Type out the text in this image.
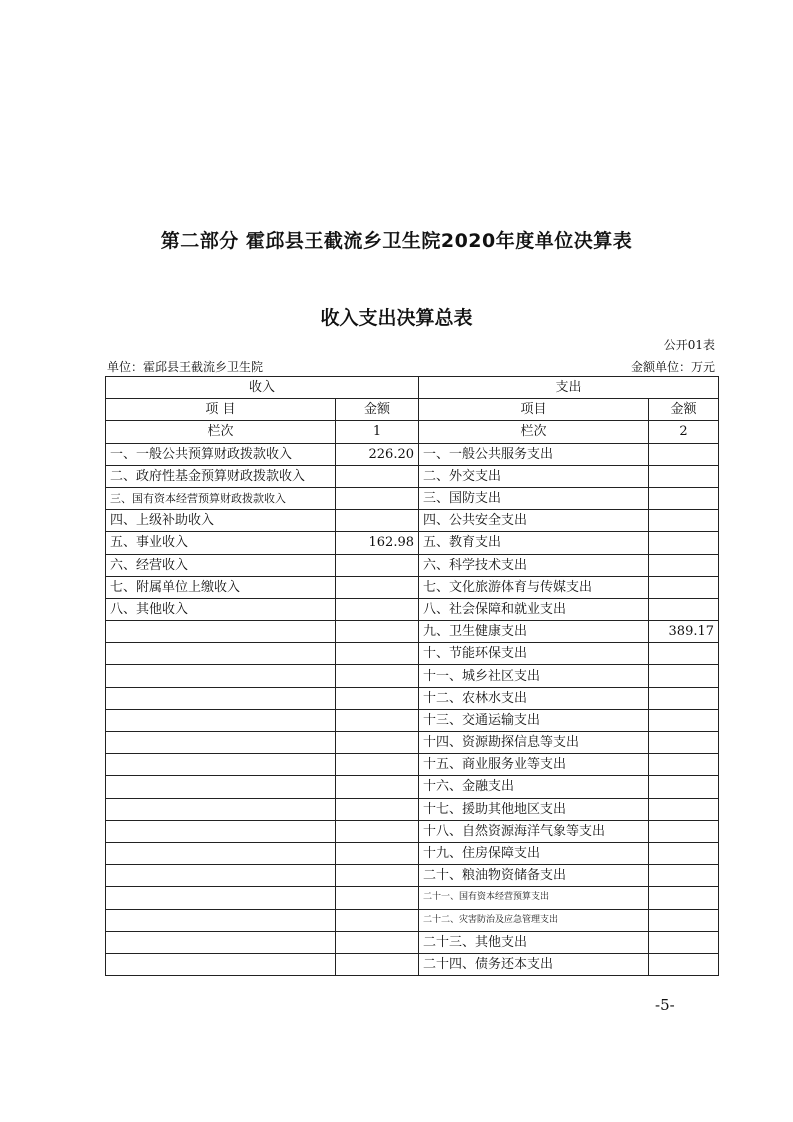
第二部分 霍邱县王截流乡卫生院2020年度单位决算表
收入支出决算总表
公开01表
单位：霍邱县王截流乡卫生院	金额单位：万元
收入		支出	
项 目	金额	项目	金额
栏次	1	栏次	2
一、一般公共预算财政拨款收入	226.20	一、一般公共服务支出	
二、政府性基金预算财政拨款收入		二、外交支出	
三、国有资本经营预算财政拨款收入		三、国防支出	
四、上级补助收入		四、公共安全支出	
五、事业收入	162.98	五、教育支出	
六、经营收入		六、科学技术支出	
七、附属单位上缴收入		七、文化旅游体育与传媒支出	
八、其他收入		八、社会保障和就业支出	
		九、卫生健康支出	389.17
		十、节能环保支出	
		十一、城乡社区支出	
		十二、农林水支出	
		十三、交通运输支出	
		十四、资源勘探信息等支出	
		十五、商业服务业等支出	
		十六、金融支出	
		十七、援助其他地区支出	
		十八、自然资源海洋气象等支出	
		十九、住房保障支出	
		二十、粮油物资储备支出	
		二十一、国有资本经营预算支出	
		二十二、灾害防治及应急管理支出	
		二十三、其他支出	
		二十四、债务还本支出	
-5-
